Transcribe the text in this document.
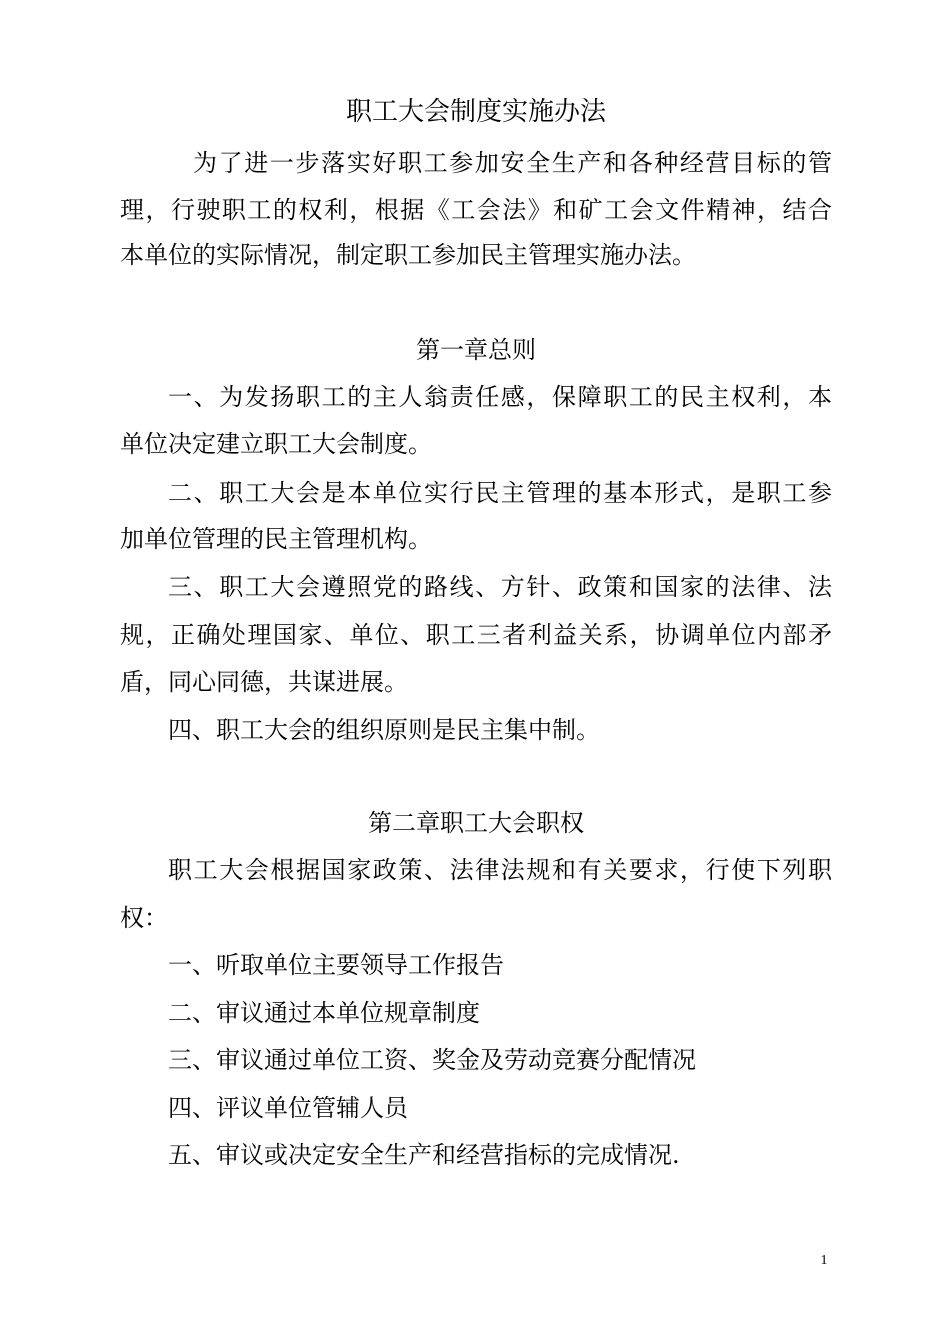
职工大会制度实施办法
为了进一步落实好职工参加安全生产和各种经营目标的管
理，行驶职工的权利，根据《工会法》和矿工会文件精神，结合
本单位的实际情况，制定职工参加民主管理实施办法。
第一章总则
一、为发扬职工的主人翁责任感，保障职工的民主权利，本
单位决定建立职工大会制度。
二、职工大会是本单位实行民主管理的基本形式，是职工参
加单位管理的民主管理机构。
三、职工大会遵照党的路线、方针、政策和国家的法律、法
规，正确处理国家、单位、职工三者利益关系，协调单位内部矛
盾，同心同德，共谋进展。
四、职工大会的组织原则是民主集中制。
第二章职工大会职权
职工大会根据国家政策、法律法规和有关要求，行使下列职
权：
一、听取单位主要领导工作报告
二、审议通过本单位规章制度
三、审议通过单位工资、奖金及劳动竞赛分配情况
四、评议单位管辅人员
五、审议或决定安全生产和经营指标的完成情况.
1
